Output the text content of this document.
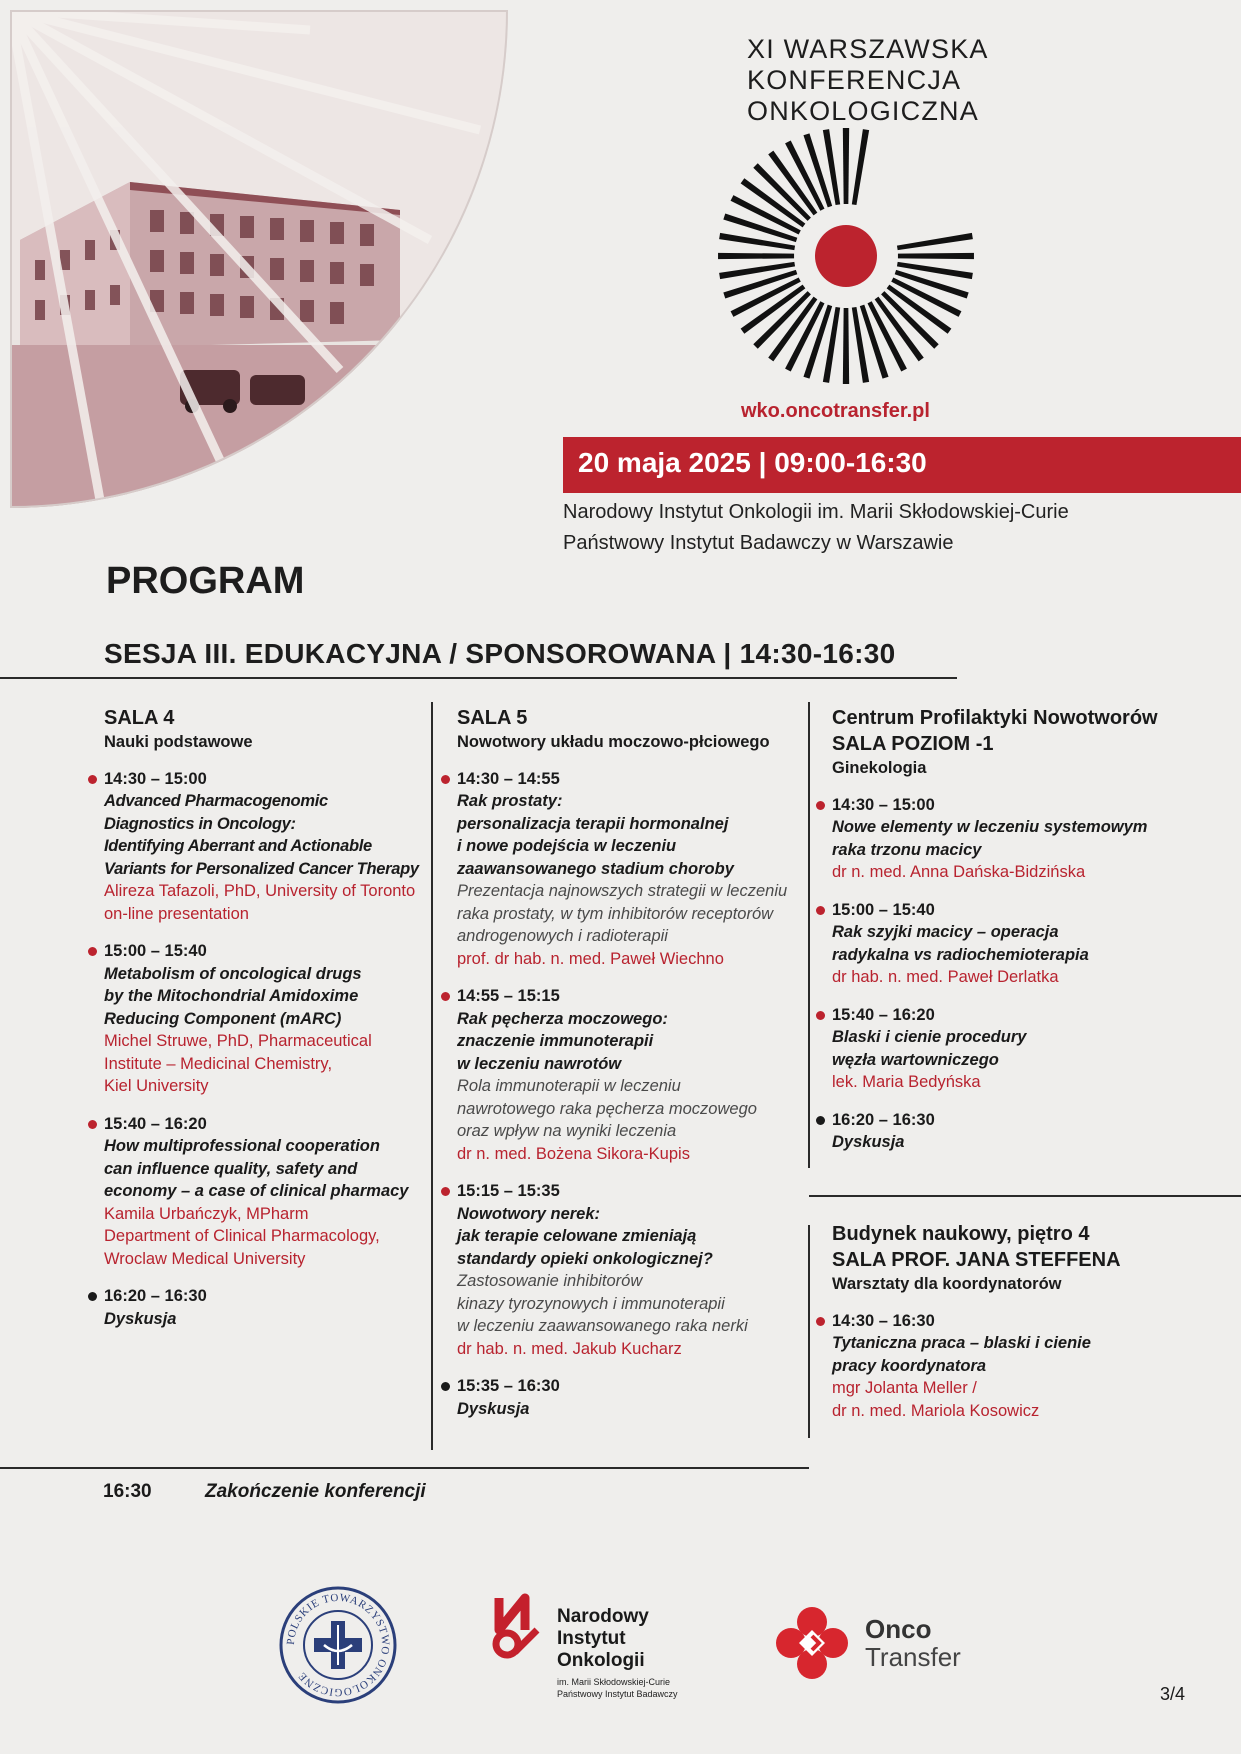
XI WARSZAWSKA
KONFERENCJA
ONKOLOGICZNA
wko.oncotransfer.pl
20 maja 2025 | 09:00-16:30
Narodowy Instytut Onkologii im. Marii Skłodowskiej-Curie
Państwowy Instytut Badawczy w Warszawie
PROGRAM
SESJA III. EDUKACYJNA / SPONSOROWANA | 14:30-16:30
SALA 4
Nauki podstawowe
14:30 – 15:00
Advanced Pharmacogenomic
Diagnostics in Oncology:
Identifying Aberrant and Actionable
Variants for Personalized Cancer Therapy
Alireza Tafazoli, PhD, University of Toronto
on-line presentation
15:00 – 15:40
Metabolism of oncological drugs
by the Mitochondrial Amidoxime
Reducing Component (mARC)
Michel Struwe, PhD, Pharmaceutical
Institute – Medicinal Chemistry,
Kiel University
15:40 – 16:20
How multiprofessional cooperation
can influence quality, safety and
economy – a case of clinical pharmacy
Kamila Urbańczyk, MPharm
Department of Clinical Pharmacology,
Wroclaw Medical University
16:20 – 16:30
Dyskusja
SALA 5
Nowotwory układu moczowo-płciowego
14:30 – 14:55
Rak prostaty:
personalizacja terapii hormonalnej
i nowe podejścia w leczeniu
zaawansowanego stadium choroby
Prezentacja najnowszych strategii w leczeniu
raka prostaty, w tym inhibitorów receptorów
androgenowych i radioterapii
prof. dr hab. n. med. Paweł Wiechno
14:55 – 15:15
Rak pęcherza moczowego:
znaczenie immunoterapii
w leczeniu nawrotów
Rola immunoterapii w leczeniu
nawrotowego raka pęcherza moczowego
oraz wpływ na wyniki leczenia
dr n. med. Bożena Sikora-Kupis
15:15 – 15:35
Nowotwory nerek:
jak terapie celowane zmieniają
standardy opieki onkologicznej?
Zastosowanie inhibitorów
kinazy tyrozynowych i immunoterapii
w leczeniu zaawansowanego raka nerki
dr hab. n. med. Jakub Kucharz
15:35 – 16:30
Dyskusja
Centrum Profilaktyki Nowotworów
SALA POZIOM -1
Ginekologia
14:30 – 15:00
Nowe elementy w leczeniu systemowym
raka trzonu macicy
dr n. med. Anna Dańska-Bidzińska
15:00 – 15:40
Rak szyjki macicy – operacja
radykalna vs radiochemioterapia
dr hab. n. med. Paweł Derlatka
15:40 – 16:20
Blaski i cienie procedury
węzła wartowniczego
lek. Maria Bedyńska
16:20 – 16:30
Dyskusja
Budynek naukowy, piętro 4
SALA PROF. JANA STEFFENA
Warsztaty dla koordynatorów
14:30 – 16:30
Tytaniczna praca – blaski i cienie
pracy koordynatora
mgr Jolanta Meller /
dr n. med. Mariola Kosowicz
16:30	Zakończenie konferencji
POLSKIE TOWARZYSTWO ONKOLOGICZNE
Narodowy
Instytut
Onkologii
im. Marii Skłodowskiej-Curie
Państwowy Instytut Badawczy
Onco
Transfer
3/4
